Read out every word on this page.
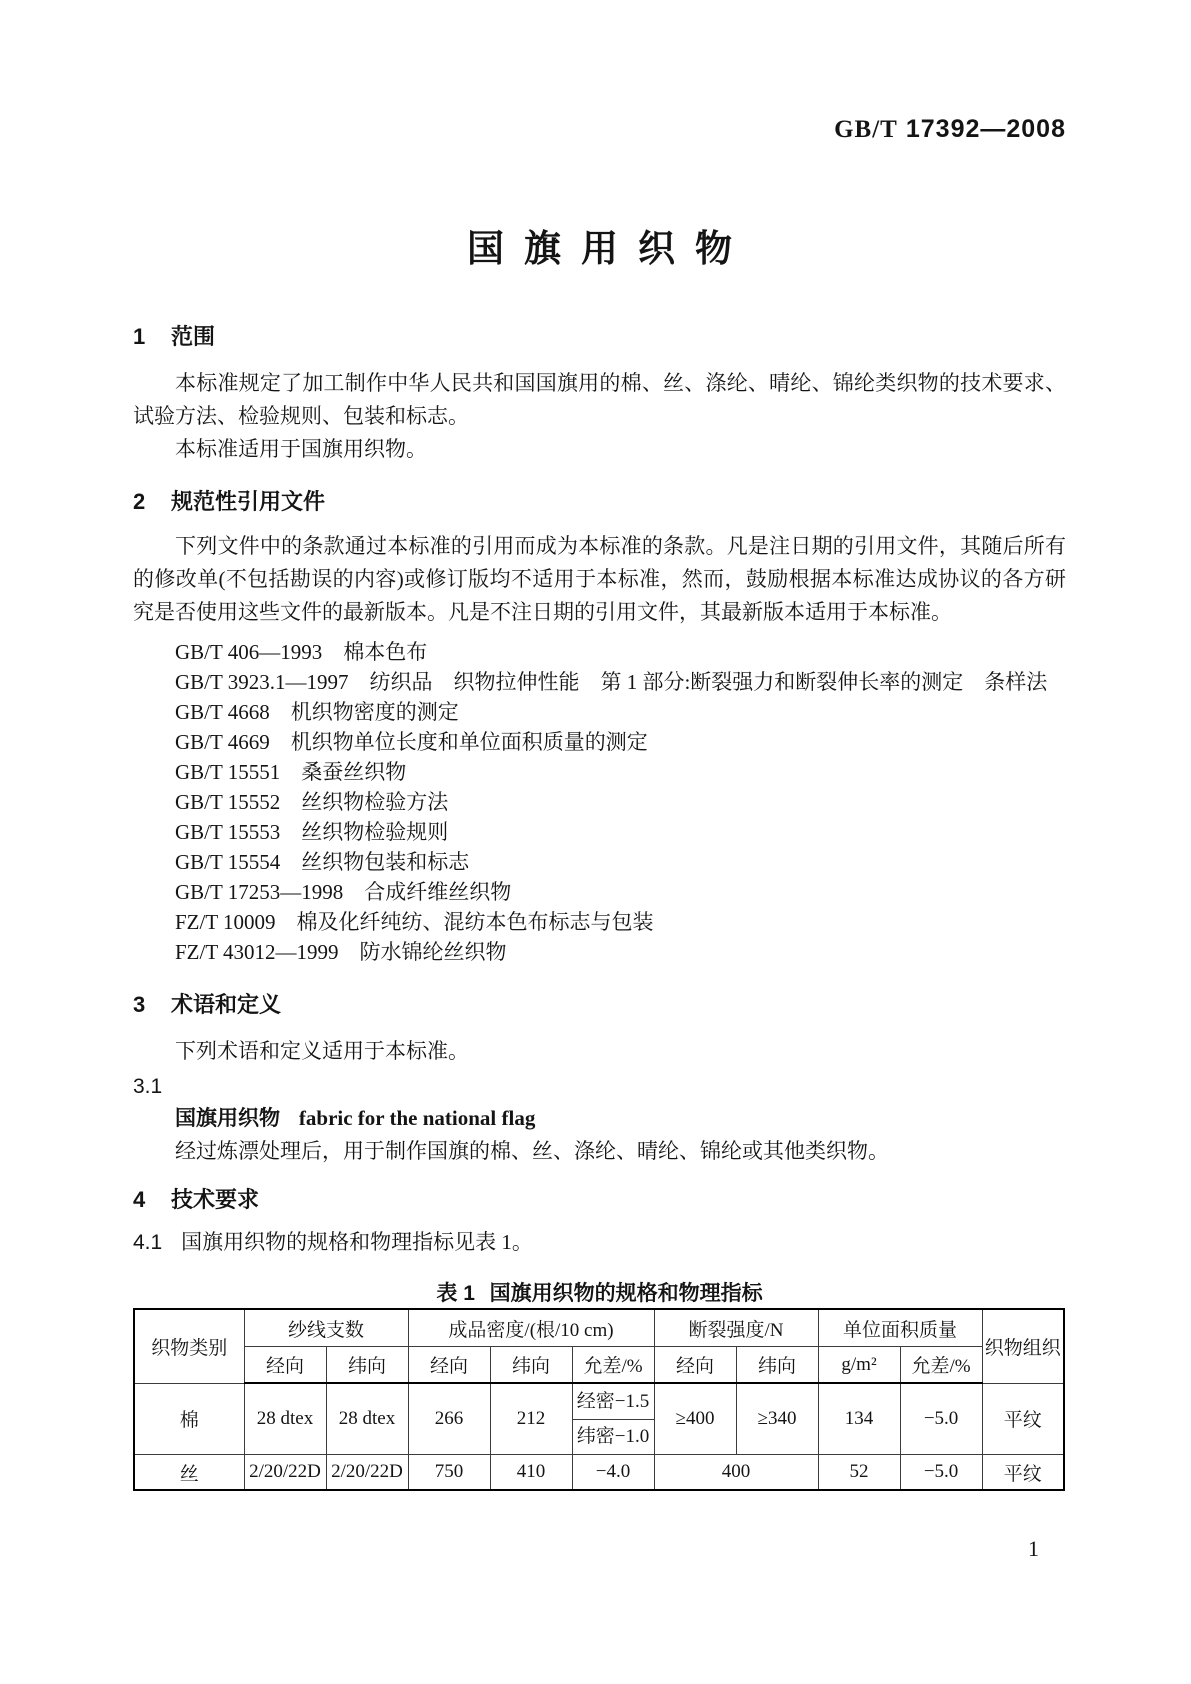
GB/T 17392—2008
国旗用织物
1 范围

本标准规定了加工制作中华人民共和国国旗用的棉、丝、涤纶、晴纶、锦纶类织物的技术要求、试验方法、检验规则、包装和标志。

本标准适用于国旗用织物。

2 规范性引用文件

下列文件中的条款通过本标准的引用而成为本标准的条款。凡是注日期的引用文件，其随后所有的修改单(不包括勘误的内容)或修订版均不适用于本标准，然而，鼓励根据本标准达成协议的各方研究是否使用这些文件的最新版本。凡是不注日期的引用文件，其最新版本适用于本标准。

GB/T 406—1993　棉本色布

GB/T 3923.1—1997　纺织品　织物拉伸性能　第 1 部分:断裂强力和断裂伸长率的测定　条样法

GB/T 4668　机织物密度的测定

GB/T 4669　机织物单位长度和单位面积质量的测定

GB/T 15551　桑蚕丝织物

GB/T 15552　丝织物检验方法

GB/T 15553　丝织物检验规则

GB/T 15554　丝织物包装和标志

GB/T 17253—1998　合成纤维丝织物

FZ/T 10009　棉及化纤纯纺、混纺本色布标志与包装

FZ/T 43012—1999　防水锦纶丝织物

3 术语和定义

下列术语和定义适用于本标准。

3.1

国旗用织物 fabric for the national flag

经过炼漂处理后，用于制作国旗的棉、丝、涤纶、晴纶、锦纶或其他类织物。

4 技术要求

4.1 国旗用织物的规格和物理指标见表 1。

表 1 国旗用织物的规格和物理指标
织物类别	纱线支数		成品密度/(根/10 cm)			断裂强度/N		单位面积质量		织物组织
	经向	纬向	经向	纬向	允差/%	经向	纬向	g/m²	允差/%	
棉	28 dtex	28 dtex	266	212	经密−1.5
纬密−1.0	≥400	≥340	134	−5.0	平纹
丝	2/20/22D	2/20/22D	750	410	−4.0	400		52	−5.0	平纹
1
